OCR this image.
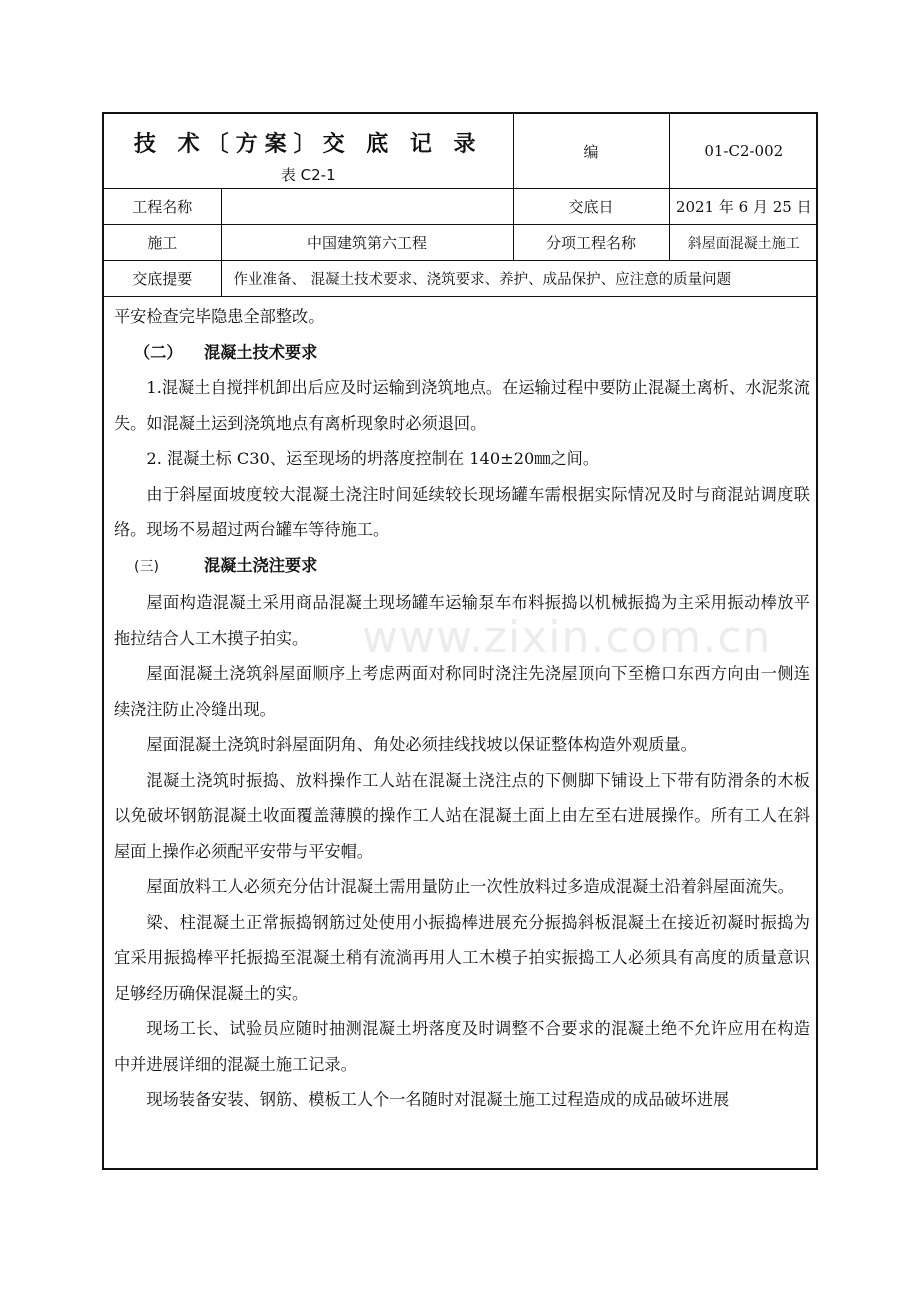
技 术〔方案〕交 底 记 录
表 C2-1		编	01-C2-002
工程名称		交底日	2021 年 6 月 25 日
施工	中国建筑第六工程	分项工程名称	斜屋面混凝土施工
交底提要	作业准备、 混凝土技术要求、浇筑要求、养护、成品保护、应注意的质量问题		

平安检查完毕隐患全部整改。

（二） 混凝土技术要求

1.混凝土自搅拌机卸出后应及时运输到浇筑地点。在运输过程中要防止混凝土离析、水泥浆流失。如混凝土运到浇筑地点有离析现象时必须退回。

2. 混凝土标 C30、运至现场的坍落度控制在 140±20㎜之间。

由于斜屋面坡度较大混凝土浇注时间延续较长现场罐车需根据实际情况及时与商混站调度联络。现场不易超过两台罐车等待施工。

(三)	混凝土浇注要求

屋面构造混凝土采用商品混凝土现场罐车运输泵车布料振捣以机械振捣为主采用振动棒放平拖拉结合人工木摸子拍实。

屋面混凝土浇筑斜屋面顺序上考虑两面对称同时浇注先浇屋顶向下至檐口东西方向由一侧连续浇注防止冷缝出现。

屋面混凝土浇筑时斜屋面阴角、角处必须挂线找坡以保证整体构造外观质量。

混凝土浇筑时振捣、放料操作工人站在混凝土浇注点的下侧脚下铺设上下带有防滑条的木板以免破坏钢筋混凝土收面覆盖薄膜的操作工人站在混凝土面上由左至右进展操作。所有工人在斜屋面上操作必须配平安带与平安帽。

屋面放料工人必须充分估计混凝土需用量防止一次性放料过多造成混凝土沿着斜屋面流失。

梁、柱混凝土正常振捣钢筋过处使用小振捣棒进展充分振捣斜板混凝土在接近初凝时振捣为宜采用振捣棒平托振捣至混凝土稍有流淌再用人工木模子拍实振捣工人必须具有高度的质量意识足够经历确保混凝土的实。

现场工长、试验员应随时抽测混凝土坍落度及时调整不合要求的混凝土绝不允许应用在构造中并进展详细的混凝土施工记录。

现场装备安装、钢筋、模板工人个一名随时对混凝土施工过程造成的成品破坏进展

www.zixin.com.cn
